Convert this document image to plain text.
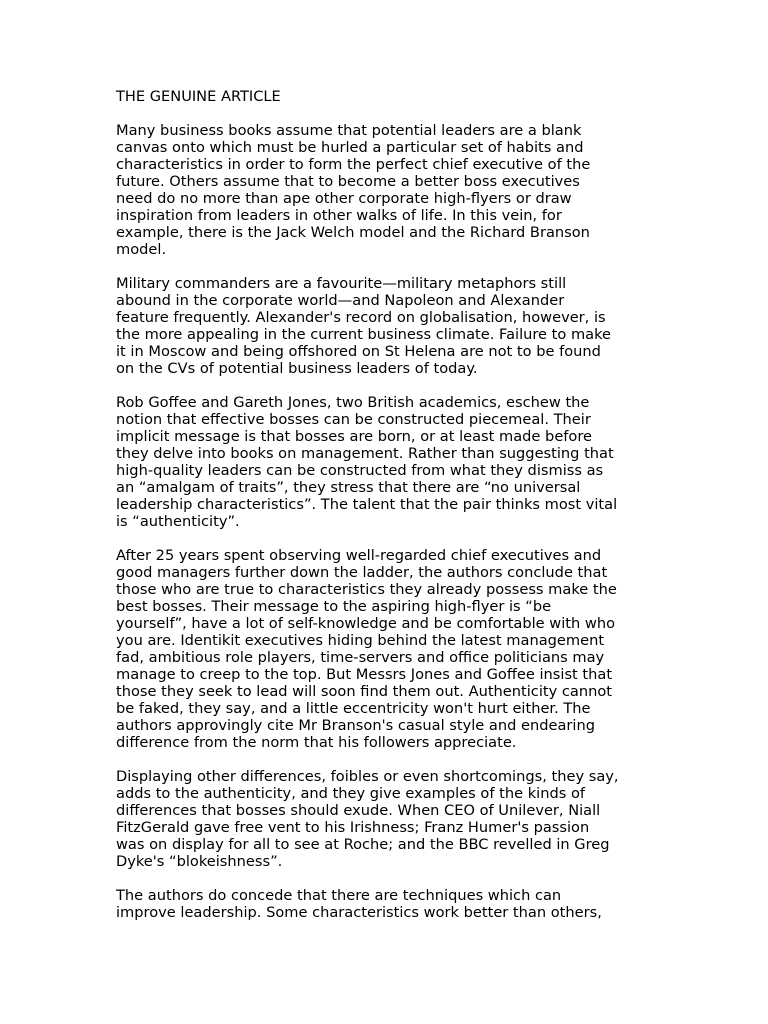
THE GENUINE ARTICLE
Many business books assume that potential leaders are a blank
canvas onto which must be hurled a particular set of habits and
characteristics in order to form the perfect chief executive of the
future. Others assume that to become a better boss executives
need do no more than ape other corporate high-flyers or draw
inspiration from leaders in other walks of life. In this vein, for
example, there is the Jack Welch model and the Richard Branson
model.
Military commanders are a favourite—military metaphors still
abound in the corporate world—and Napoleon and Alexander
feature frequently. Alexander's record on globalisation, however, is
the more appealing in the current business climate. Failure to make
it in Moscow and being offshored on St Helena are not to be found
on the CVs of potential business leaders of today.
Rob Goffee and Gareth Jones, two British academics, eschew the
notion that effective bosses can be constructed piecemeal. Their
implicit message is that bosses are born, or at least made before
they delve into books on management. Rather than suggesting that
high-quality leaders can be constructed from what they dismiss as
an “amalgam of traits”, they stress that there are “no universal
leadership characteristics”. The talent that the pair thinks most vital
is “authenticity”.
After 25 years spent observing well-regarded chief executives and
good managers further down the ladder, the authors conclude that
those who are true to characteristics they already possess make the
best bosses. Their message to the aspiring high-flyer is “be
yourself”, have a lot of self-knowledge and be comfortable with who
you are. Identikit executives hiding behind the latest management
fad, ambitious role players, time-servers and office politicians may
manage to creep to the top. But Messrs Jones and Goffee insist that
those they seek to lead will soon find them out. Authenticity cannot
be faked, they say, and a little eccentricity won't hurt either. The
authors approvingly cite Mr Branson's casual style and endearing
difference from the norm that his followers appreciate.
Displaying other differences, foibles or even shortcomings, they say,
adds to the authenticity, and they give examples of the kinds of
differences that bosses should exude. When CEO of Unilever, Niall
FitzGerald gave free vent to his Irishness; Franz Humer's passion
was on display for all to see at Roche; and the BBC revelled in Greg
Dyke's “blokeishness”.
The authors do concede that there are techniques which can
improve leadership. Some characteristics work better than others,
